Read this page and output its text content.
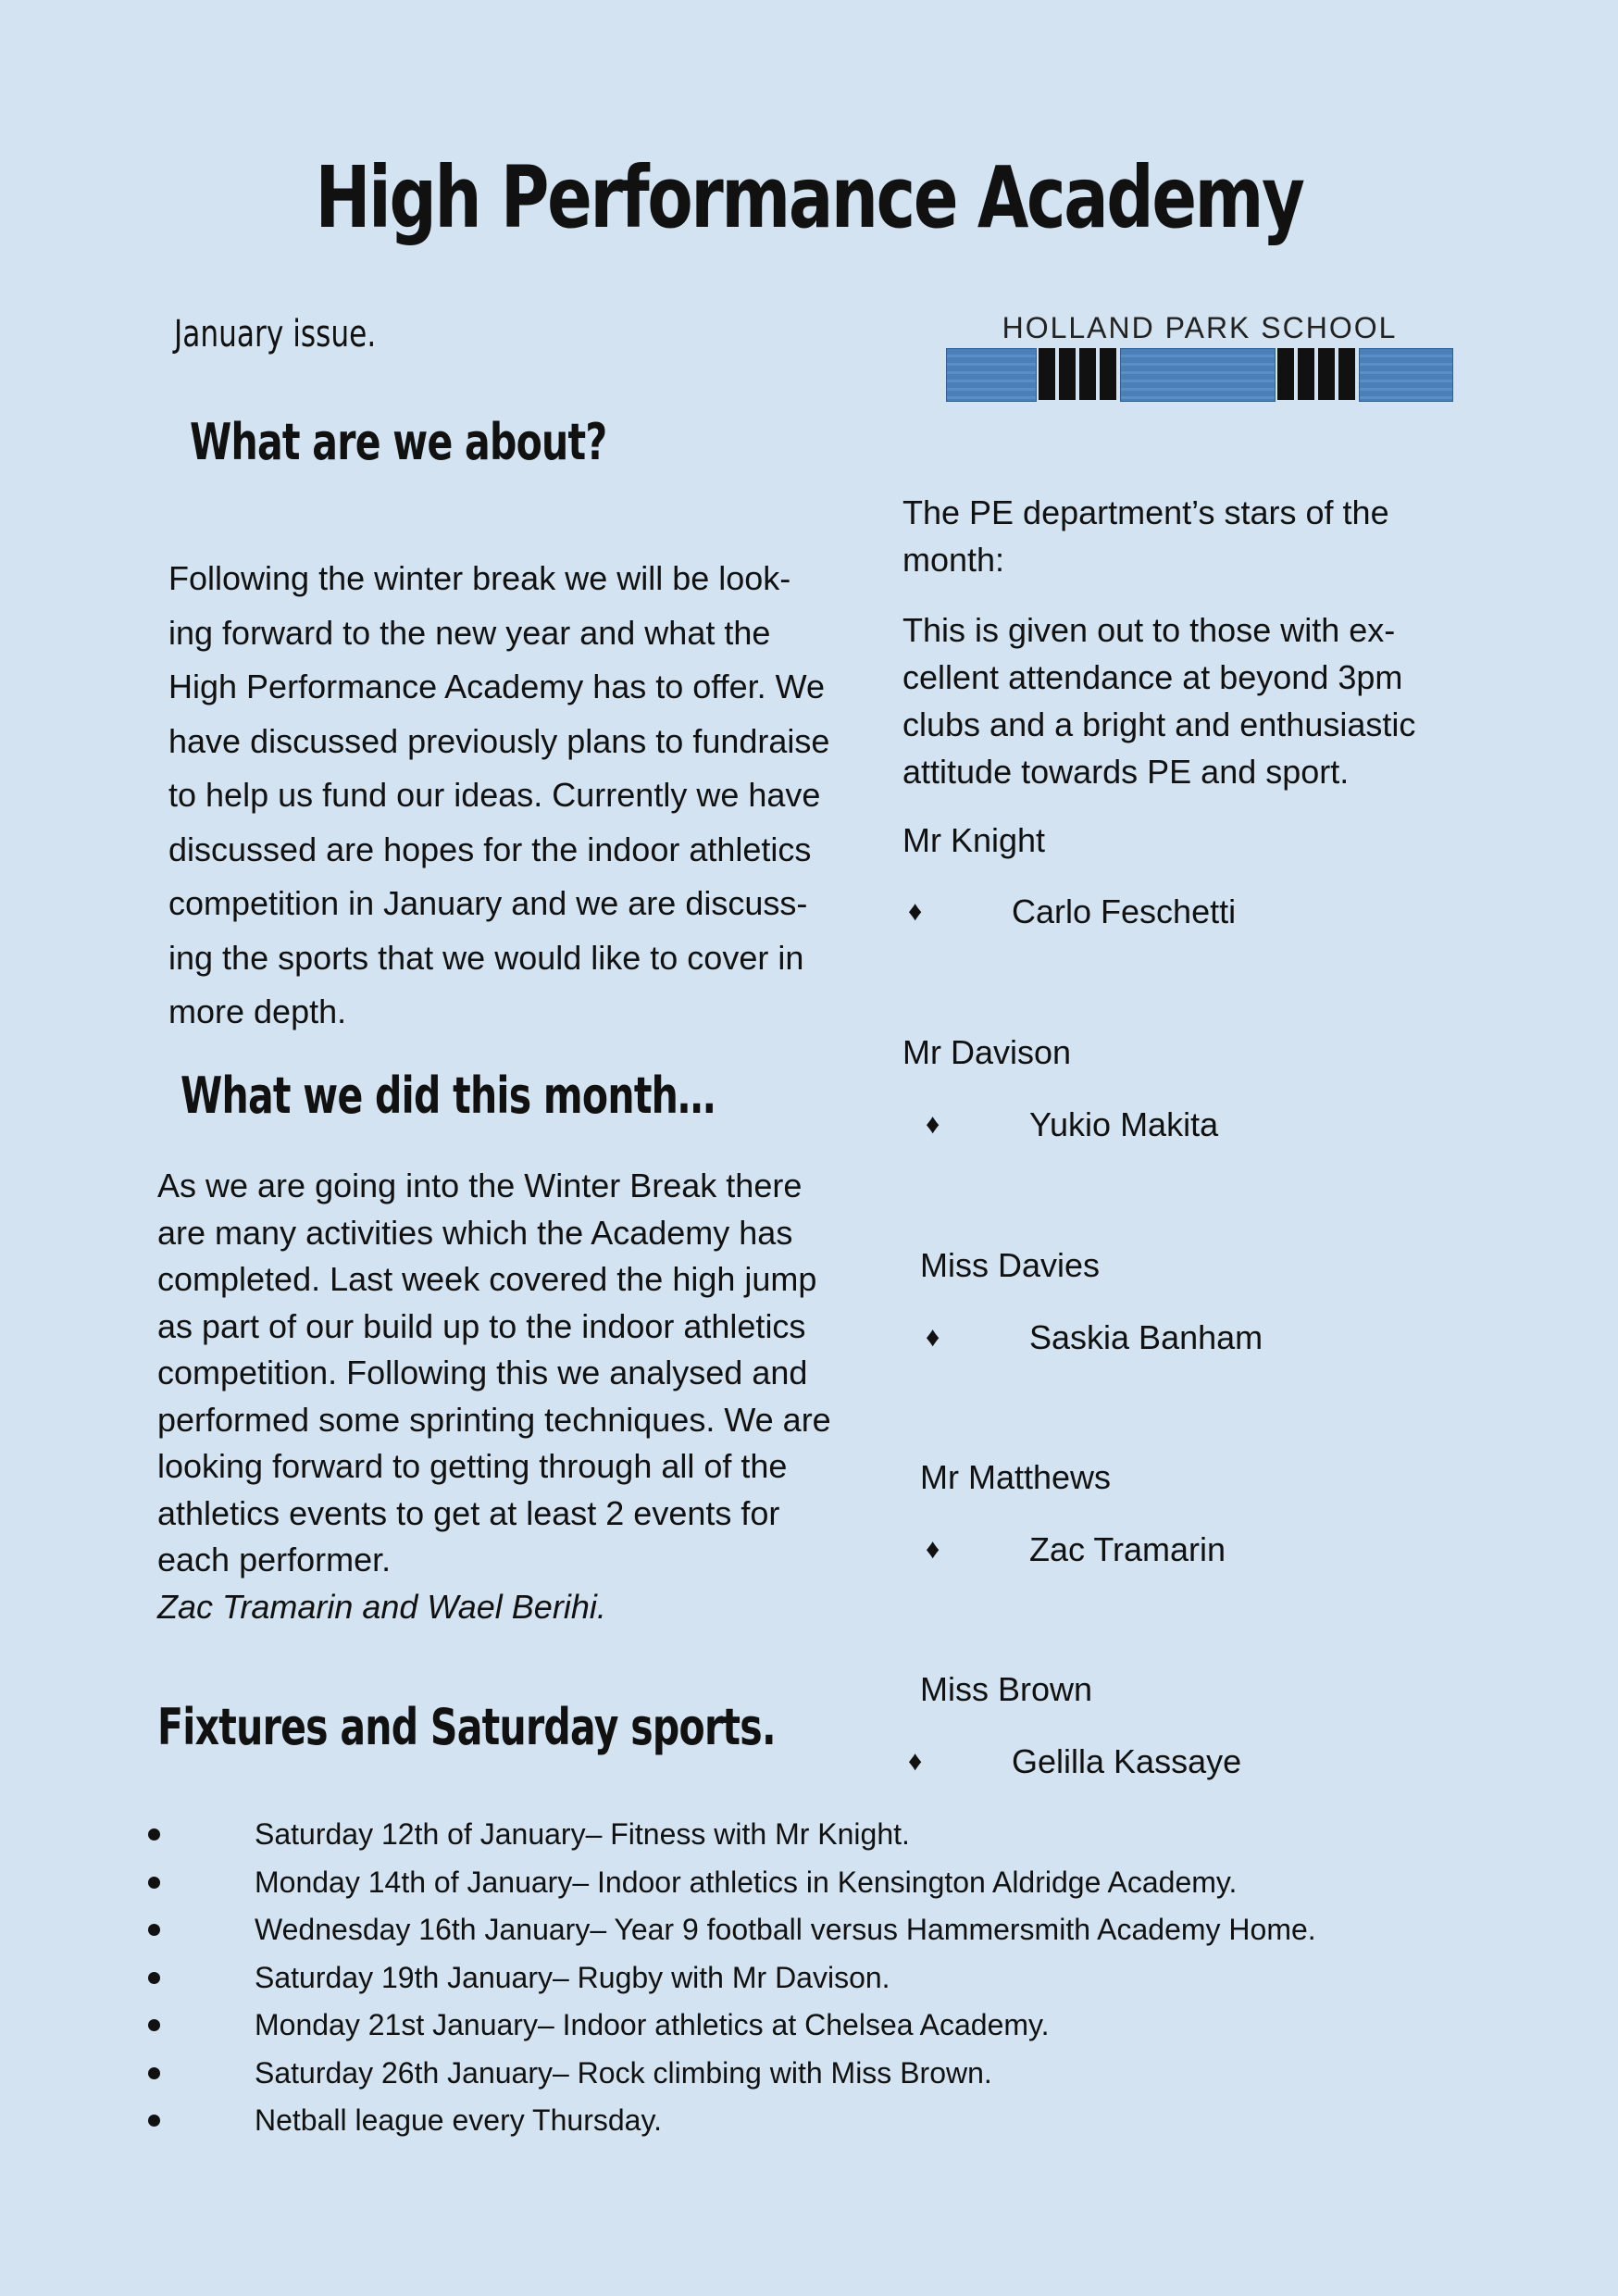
High Performance Academy
January issue.	HOLLAND PARK SCHOOL
What are we about?
Following the winter break we will be look-
ing forward to the new year and what the
High Performance Academy has to offer. We
have discussed previously plans to fundraise
to help us fund our ideas. Currently we have
discussed are hopes for the indoor athletics
competition in January and we are discuss-
ing the sports that we would like to cover in
more depth.
What we did this month…
As we are going into the Winter Break there
are many activities which the Academy has
completed. Last week covered the high jump
as part of our build up to the indoor athletics
competition. Following this we analysed and
performed some sprinting techniques. We are
looking forward to getting through all of the
athletics events to get at least 2 events for
each performer.
Zac Tramarin and Wael Berihi.
Fixtures and Saturday sports.
The PE department’s stars of the
month:
This is given out to those with ex-
cellent attendance at beyond 3pm
clubs and a bright and enthusiastic
attitude towards PE and sport.
Mr Knight
♦	Carlo Feschetti
Mr Davison
♦	Yukio Makita
Miss Davies
♦	Saskia Banham
Mr Matthews
♦	Zac Tramarin
Miss Brown
♦	Gelilla Kassaye
Saturday 12th of January– Fitness with Mr Knight.
Monday 14th of January– Indoor athletics in Kensington Aldridge Academy.
Wednesday 16th January– Year 9 football versus Hammersmith Academy Home.
Saturday 19th January– Rugby with Mr Davison.
Monday 21st January– Indoor athletics at Chelsea Academy.
Saturday 26th January– Rock climbing with Miss Brown.
Netball league every Thursday.
